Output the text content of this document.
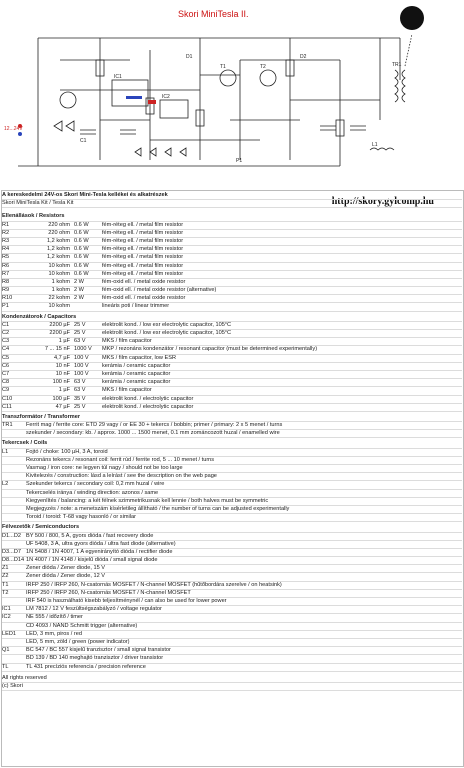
12...24V
TR1
IC1
IC2
T1	T2
D1	D2
C1
L1
P1
Skori MiniTesla II.
http://skory.gylcomp.hu
A kereskedelmi 24V-os Skori Mini-Tesla kellékei és alkatrészek
Skori MiniTesla Kit / Tesla Kit
Ellenállások / Resistors
R1	220 ohm 0.6 W	fém-réteg ell. / metal film resistor
R2	220 ohm 0.6 W	fém-réteg ell. / metal film resistor
R3	1,2 kohm 0.6 W	fém-réteg ell. / metal film resistor
R4	1,2 kohm 0.6 W	fém-réteg ell. / metal film resistor
R5	1,2 kohm 0.6 W	fém-réteg ell. / metal film resistor
R6	10 kohm 0.6 W	fém-réteg ell. / metal film resistor
R7	10 kohm 0.6 W	fém-réteg ell. / metal film resistor
R8	1 kohm 2 W	fém-oxid ell. / metal oxide resistor
R9	1 kohm 2 W	fém-oxid ell. / metal oxide resistor (alternative)
R10	22 kohm 2 W	fém-oxid ell. / metal oxide resistor
P1	10 kohm	lineáris poti / linear trimmer
Kondenzátorok / Capacitors
C1	2200 µF 25 V	elektrolit kond. / low esr electrolytic capacitor, 105°C
C2	2200 µF 25 V	elektrolit kond. / low esr electrolytic capacitor, 105°C
C3	1 µF 63 V	MKS / film capacitor
C4	7 ... 15 nF 1000 V	MKP / rezonáns kondenzátor / resonant capacitor (must be determined experimentally)
C5	4,7 µF 100 V	MKS / film capacitor, low ESR
C6	10 nF 100 V	kerámia / ceramic capacitor
C7	10 nF 100 V	kerámia / ceramic capacitor
C8	100 nF 63 V	kerámia / ceramic capacitor
C9	1 µF 63 V	MKS / film capacitor
C10	100 µF 35 V	elektrolit kond. / electrolytic capacitor
C11	47 µF 25 V	elektrolit kond. / electrolytic capacitor
Transzformátor / Transformer
TR1	Ferrit mag / ferrite core: ETD 29 vagy / or EE 30 + tekercs / bobbin; primer / primary: 2 x 5 menet / turns
szekunder / secondary: kb. / approx. 1000 ... 1500 menet, 0.1 mm zománcozott huzal / enamelled wire
Tekercsek / Coils
L1	Fojtó / choke: 100 µH, 3 A, toroid
Rezonáns tekercs / resonant coil: ferrit rúd / ferrite rod, 5 ... 10 menet / turns
Vasmag / iron core: ne legyen túl nagy / should not be too large
Kivitelezés / construction: lásd a leírást / see the description on the web page
L2	Szekunder tekercs / secondary coil: 0,2 mm huzal / wire
Tekercselés iránya / winding direction: azonos / same
Kiegyenlítés / balancing: a két félnek szimmetrikusnak kell lennie / both halves must be symmetric
Megjegyzés / note: a menetszám kísérletileg állítható / the number of turns can be adjusted experimentally
Toroid / toroid: T-68 vagy hasonló / or similar
Félvezetők / Semiconductors
D1...D2 BY 500 / 800, 5 A, gyors dióda / fast recovery diode
UF 5408, 3 A, ultra gyors dióda / ultra fast diode (alternative)
D3...D7 1N 5408 / 1N 4007, 1 A egyenirányító dióda / rectifier diode
D8...D14 1N 4007 / 1N 4148 / kisjelű dióda / small signal diode
Z1	Zener dióda / Zener diode, 15 V
Z2	Zener dióda / Zener diode, 12 V
T1	IRFP 250 / IRFP 260, N-csatornás MOSFET / N-channel MOSFET (hűtőbordára szerelve / on heatsink)
T2	IRFP 250 / IRFP 260, N-csatornás MOSFET / N-channel MOSFET
IRF 540 is használható kisebb teljesítménynél / can also be used for lower power
IC1	LM 7812 / 12 V feszültségszabályzó / voltage regulator
IC2	NE 555 / időzítő / timer
CD 4093 / NAND Schmitt trigger (alternative)
LED1	LED, 3 mm, piros / red
LED, 5 mm, zöld / green (power indicator)
Q1	BC 547 / BC 557 kisjelű tranzisztor / small signal transistor
BD 139 / BD 140 meghajtó tranzisztor / driver transistor
TL	TL 431 precíziós referencia / precision reference
All rights reserved
(c) Skori
